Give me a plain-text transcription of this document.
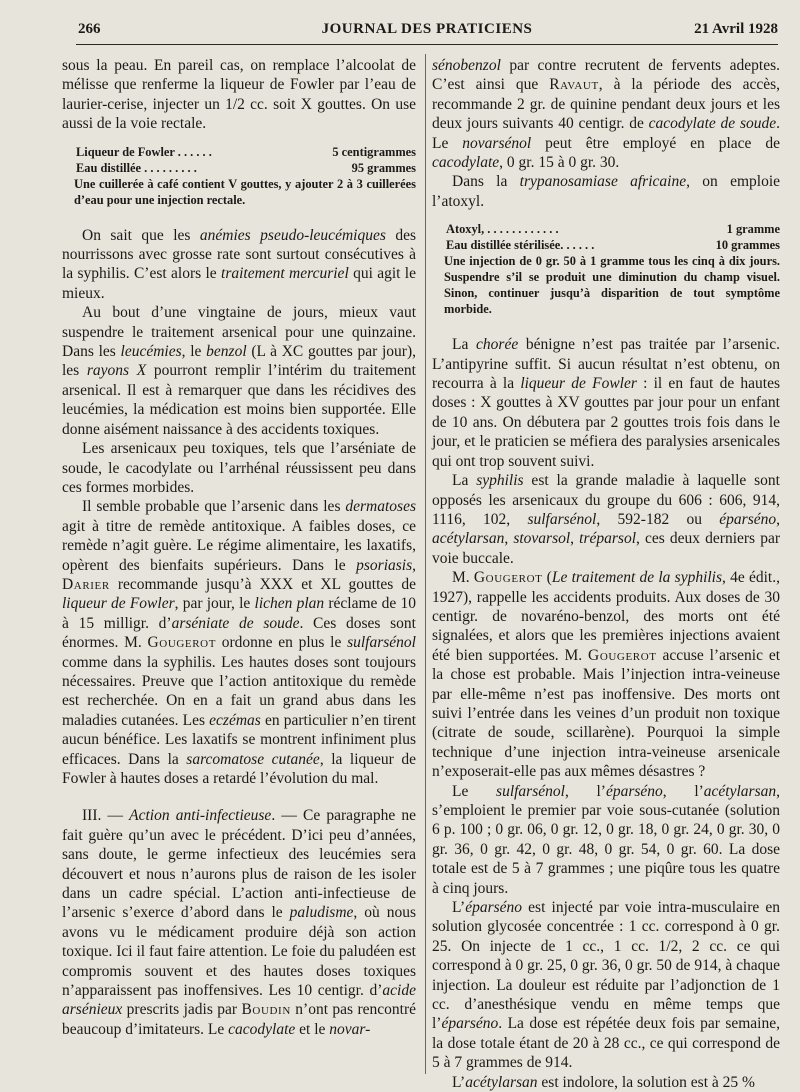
266	JOURNAL DES PRATICIENS	21 Avril 1928

sous la peau. En pareil cas, on remplace l’alcoolat de mélisse que renferme la liqueur de Fowler par l’eau de laurier-cerise, injecter un 1/2 cc. soit X gouttes. On use aussi de la voie rectale.

Liqueur de Fowler . . . . . .	5 centigrammes
Eau distillée . . . . . . . . .	95 grammes

Une cuillerée à café contient V gouttes, y ajouter 2 à 3 cuillerées d’eau pour une injection rectale.

On sait que les anémies pseudo-leucémiques des nourrissons avec grosse rate sont surtout consécutives à la syphilis. C’est alors le traitement mercuriel qui agit le mieux.

Au bout d’une vingtaine de jours, mieux vaut suspendre le traitement arsenical pour une quinzaine. Dans les leucémies, le benzol (L à XC gouttes par jour), les rayons X pourront remplir l’intérim du traitement arsenical. Il est à remarquer que dans les récidives des leucémies, la médication est moins bien supportée. Elle donne aisément naissance à des accidents toxiques.

Les arsenicaux peu toxiques, tels que l’arséniate de soude, le cacodylate ou l’arrhénal réussissent peu dans ces formes morbides.

Il semble probable que l’arsenic dans les dermatoses agit à titre de remède antitoxique. A faibles doses, ce remède n’agit guère. Le régime alimentaire, les laxatifs, opèrent des bienfaits supérieurs. Dans le psoriasis, Darier recommande jusqu’à XXX et XL gouttes de liqueur de Fowler, par jour, le lichen plan réclame de 10 à 15 milligr. d’arséniate de soude. Ces doses sont énormes. M. Gougerot ordonne en plus le sulfarsénol comme dans la syphilis. Les hautes doses sont toujours nécessaires. Preuve que l’action antitoxique du remède est recherchée. On en a fait un grand abus dans les maladies cutanées. Les eczémas en particulier n’en tirent aucun bénéfice. Les laxatifs se montrent infiniment plus efficaces. Dans la sarcomatose cutanée, la liqueur de Fowler à hautes doses a retardé l’évolution du mal.

III. — Action anti-infectieuse. — Ce paragraphe ne fait guère qu’un avec le précédent. D’ici peu d’années, sans doute, le germe infectieux des leucémies sera découvert et nous n’aurons plus de raison de les isoler dans un cadre spécial. L’action anti-infectieuse de l’arsenic s’exerce d’abord dans le paludisme, où nous avons vu le médicament produire déjà son action toxique. Ici il faut faire attention. Le foie du paludéen est compromis souvent et des hautes doses toxiques n’apparaissent pas inoffensives. Les 10 centigr. d’acide arsénieux prescrits jadis par Boudin n’ont pas rencontré beaucoup d’imitateurs. Le cacodylate et le novar-

sénobenzol par contre recrutent de fervents adeptes. C’est ainsi que Ravaut, à la période des accès, recommande 2 gr. de quinine pendant deux jours et les deux jours suivants 40 centigr. de cacodylate de soude. Le novarsénol peut être employé en place de cacodylate, 0 gr. 15 à 0 gr. 30.

Dans la trypanosamiase africaine, on emploie l’atoxyl.

Atoxyl, . . . . . . . . . . . .	1 gramme
Eau distillée stérilisée. . . . . .	10 grammes

Une injection de 0 gr. 50 à 1 gramme tous les cinq à dix jours. Suspendre s’il se produit une diminution du champ visuel. Sinon, continuer jusqu’à disparition de tout symptôme morbide.

La chorée bénigne n’est pas traitée par l’arsenic. L’antipyrine suffit. Si aucun résultat n’est obtenu, on recourra à la liqueur de Fowler : il en faut de hautes doses : X gouttes à XV gouttes par jour pour un enfant de 10 ans. On débutera par 2 gouttes trois fois dans le jour, et le praticien se méfiera des paralysies arsenicales qui ont trop souvent suivi.

La syphilis est la grande maladie à laquelle sont opposés les arsenicaux du groupe du 606 : 606, 914, 1116, 102, sulfarsénol, 592-182 ou éparséno, acétylarsan, stovarsol, tréparsol, ces deux derniers par voie buccale.

M. Gougerot (Le traitement de la syphilis, 4e édit., 1927), rappelle les accidents produits. Aux doses de 30 centigr. de novaréno-benzol, des morts ont été signalées, et alors que les premières injections avaient été bien supportées. M. Gougerot accuse l’arsenic et la chose est probable. Mais l’injection intra-veineuse par elle-même n’est pas inoffensive. Des morts ont suivi l’entrée dans les veines d’un produit non toxique (citrate de soude, scillarène). Pourquoi la simple technique d’une injection intra-veineuse arsenicale n’exposerait-elle pas aux mêmes désastres ?

Le sulfarsénol, l’éparséno, l’acétylarsan, s’emploient le premier par voie sous-cutanée (solution 6 p. 100 ; 0 gr. 06, 0 gr. 12, 0 gr. 18, 0 gr. 24, 0 gr. 30, 0 gr. 36, 0 gr. 42, 0 gr. 48, 0 gr. 54, 0 gr. 60. La dose totale est de 5 à 7 grammes ; une piqûre tous les quatre à cinq jours.

L’éparséno est injecté par voie intra-musculaire en solution glycosée concentrée : 1 cc. correspond à 0 gr. 25. On injecte de 1 cc., 1 cc. 1/2, 2 cc. ce qui correspond à 0 gr. 25, 0 gr. 36, 0 gr. 50 de 914, à chaque injection. La douleur est réduite par l’adjonction de 1 cc. d’anesthésique vendu en même temps que l’éparséno. La dose est répétée deux fois par semaine, la dose totale étant de 20 à 28 cc., ce qui correspond de 5 à 7 grammes de 914.

L’acétylarsan est indolore, la solution est à 25 %
